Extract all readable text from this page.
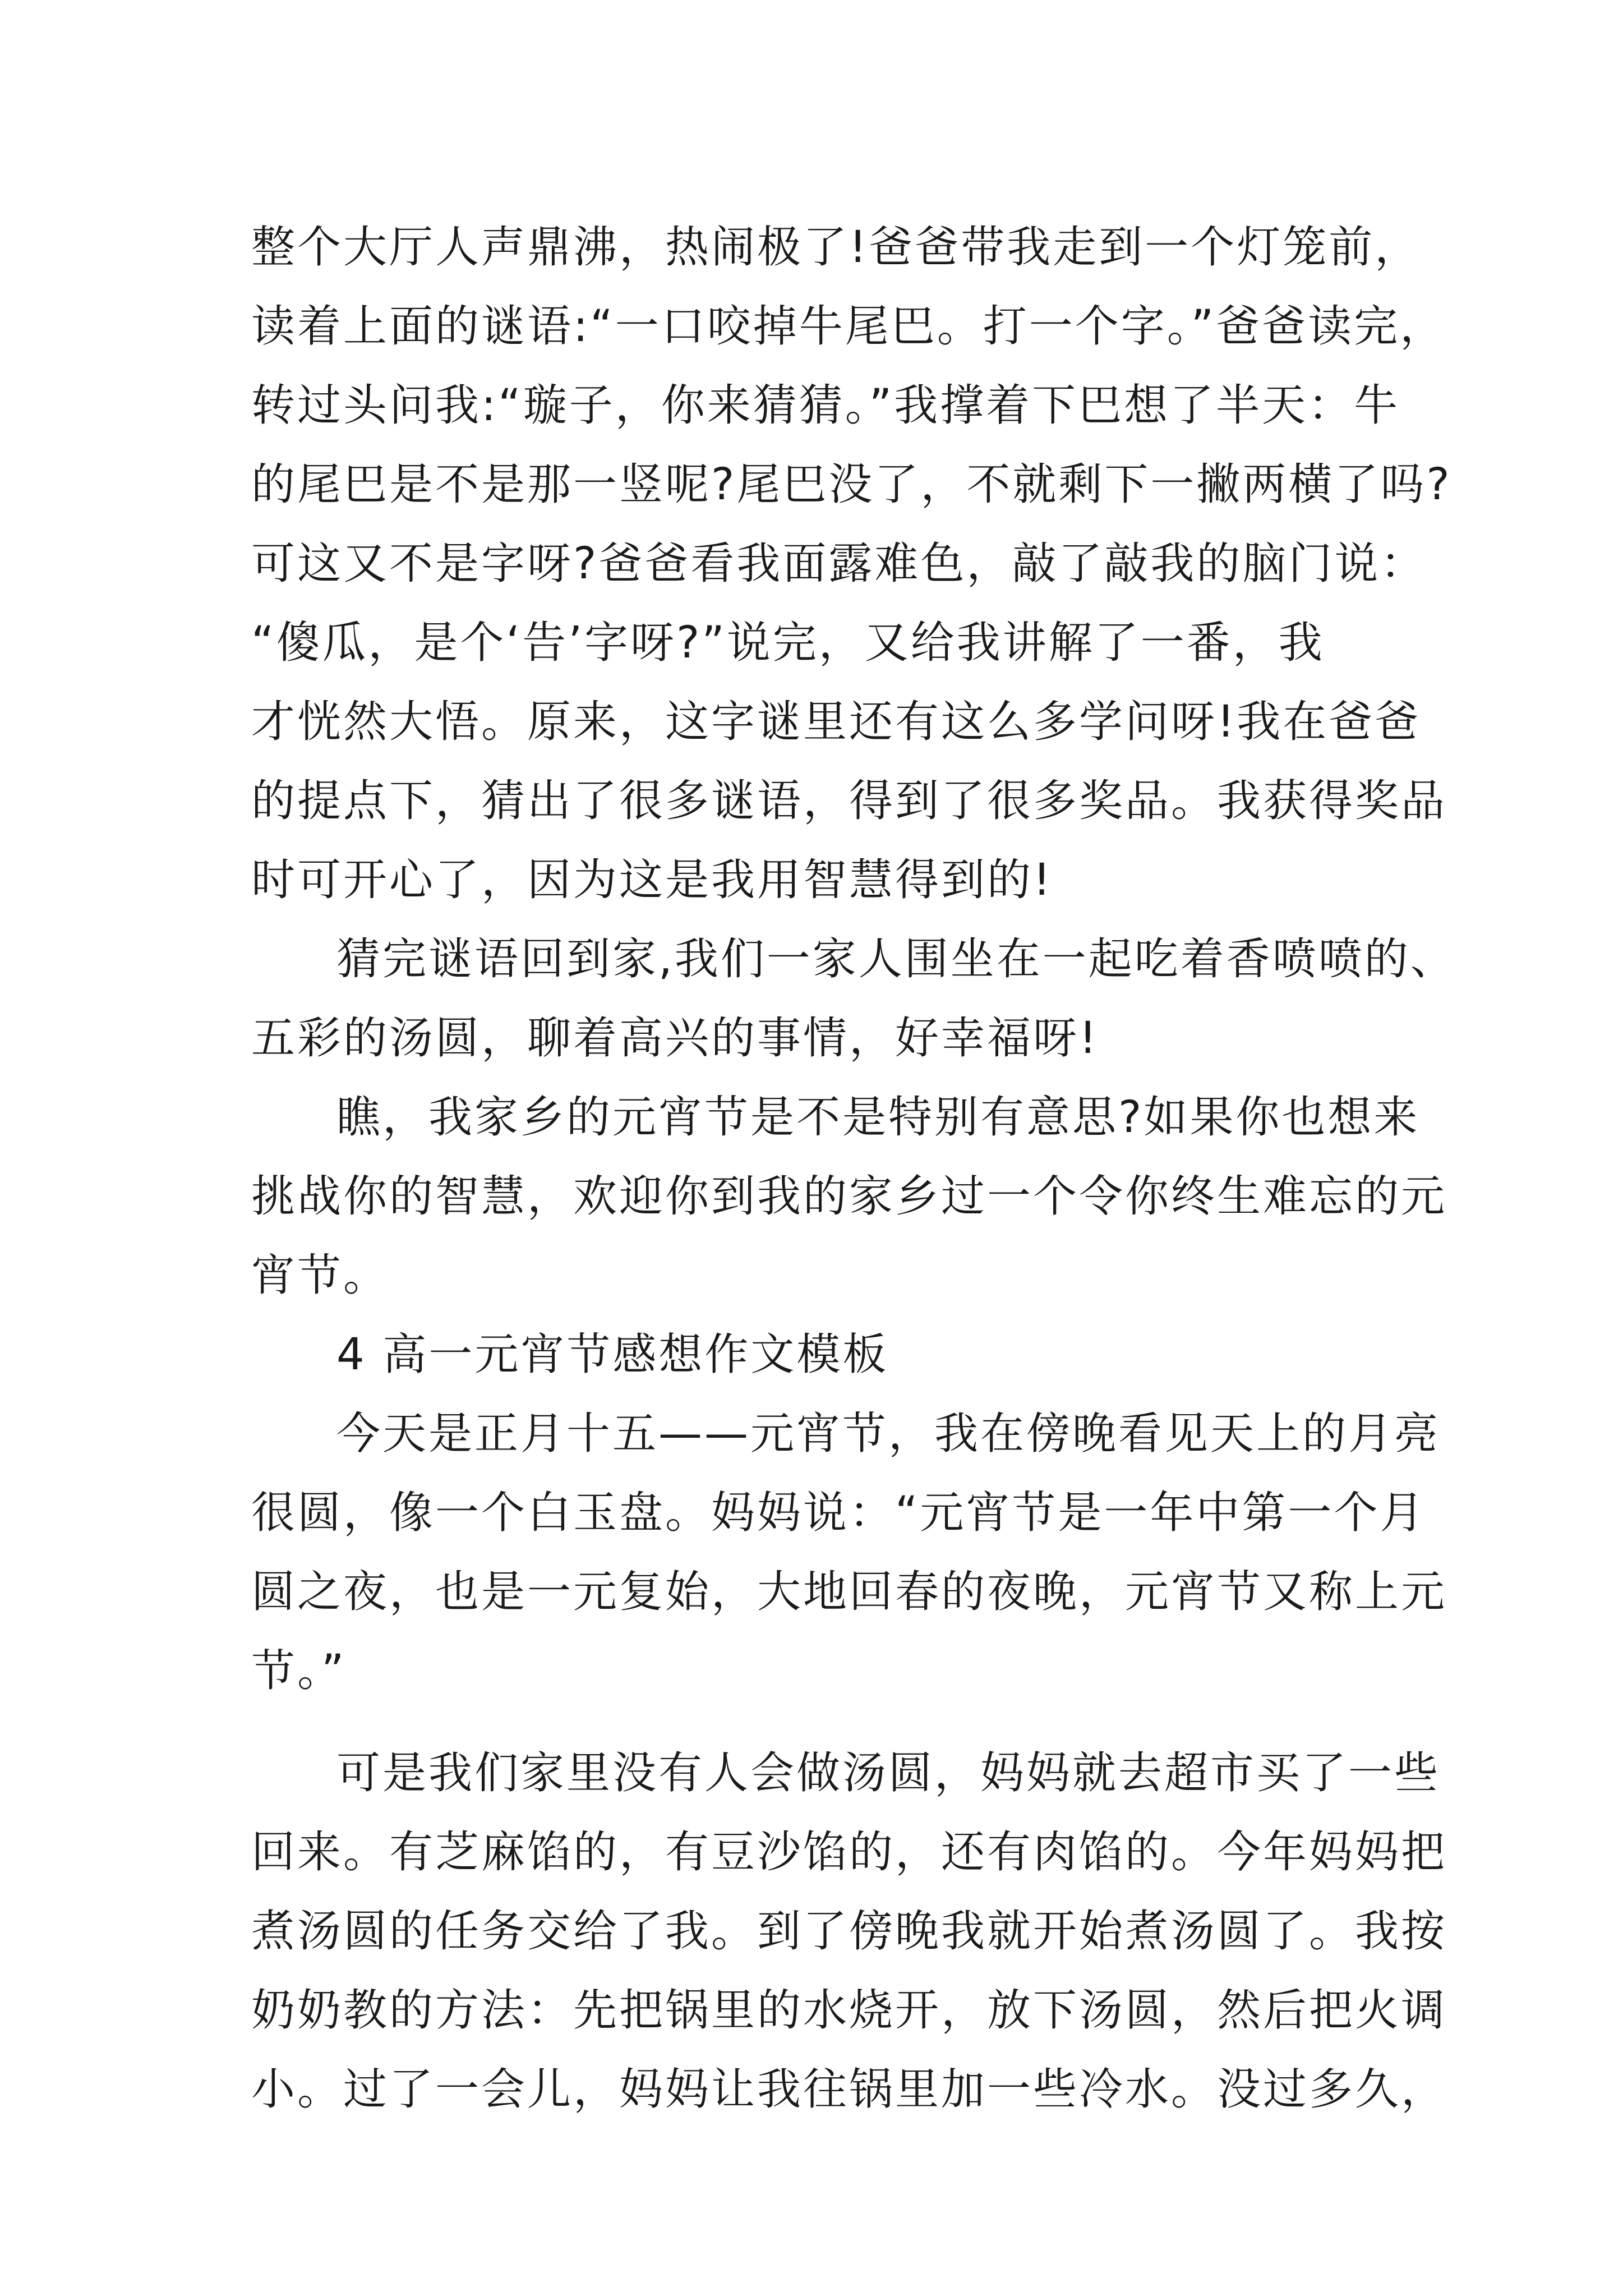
整个大厅人声鼎沸，热闹极了!爸爸带我走到一个灯笼前，

读着上面的谜语:“一口咬掉牛尾巴。打一个字。”爸爸读完，

转过头问我:“璇子，你来猜猜。”我撑着下巴想了半天：牛

的尾巴是不是那一竖呢?尾巴没了，不就剩下一撇两横了吗?

可这又不是字呀?爸爸看我面露难色，敲了敲我的脑门说：

“傻瓜，是个‘告’字呀?”说完，又给我讲解了一番，我

才恍然大悟。原来，这字谜里还有这么多学问呀!我在爸爸

的提点下，猜出了很多谜语，得到了很多奖品。我获得奖品

时可开心了，因为这是我用智慧得到的!

猜完谜语回到家,我们一家人围坐在一起吃着香喷喷的、

五彩的汤圆，聊着高兴的事情，好幸福呀!

瞧，我家乡的元宵节是不是特别有意思?如果你也想来

挑战你的智慧，欢迎你到我的家乡过一个令你终生难忘的元

宵节。

4 高一元宵节感想作文模板

今天是正月十五——元宵节，我在傍晚看见天上的月亮

很圆，像一个白玉盘。妈妈说：“元宵节是一年中第一个月

圆之夜，也是一元复始，大地回春的夜晚，元宵节又称上元

节。”

可是我们家里没有人会做汤圆，妈妈就去超市买了一些

回来。有芝麻馅的，有豆沙馅的，还有肉馅的。今年妈妈把

煮汤圆的任务交给了我。到了傍晚我就开始煮汤圆了。我按

奶奶教的方法：先把锅里的水烧开，放下汤圆，然后把火调

小。过了一会儿，妈妈让我往锅里加一些冷水。没过多久，
